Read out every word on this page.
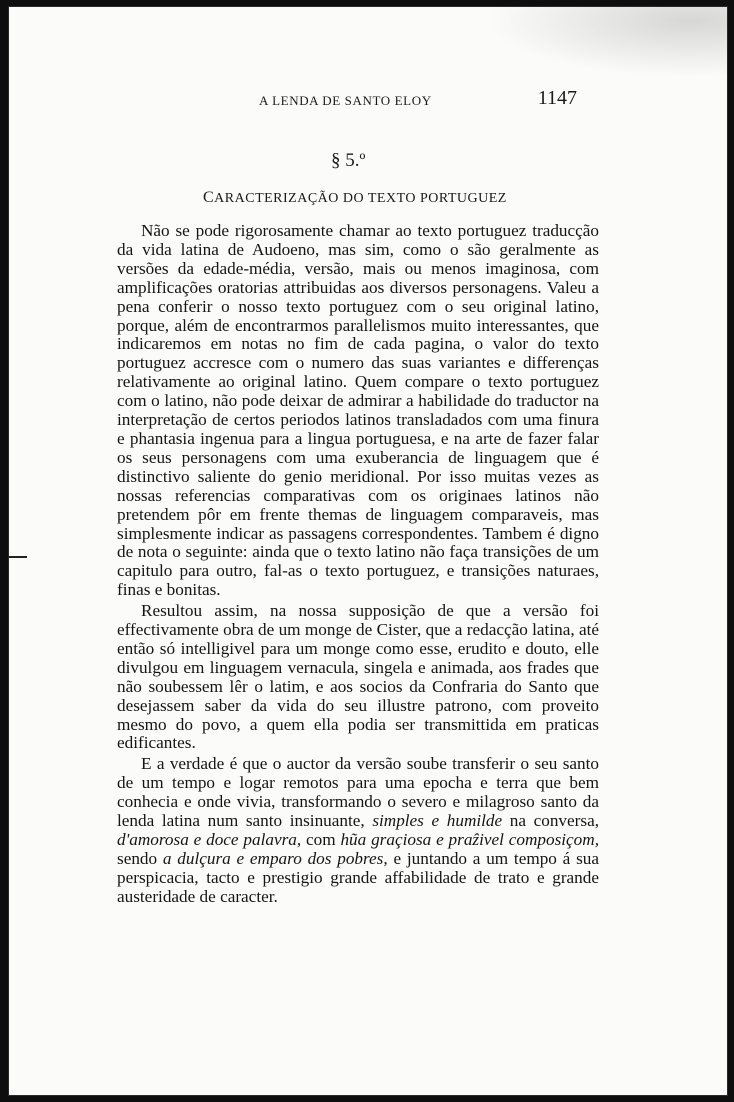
A LENDA DE SANTO ELOY	1147
§ 5.º
CARACTERIZAÇÃO DO TEXTO PORTUGUEZ

Não se pode rigorosamente chamar ao texto portuguez traducção da vida latina de Audoeno, mas sim, como o são geralmente as versões da edade-média, versão, mais ou menos imaginosa, com amplificações oratorias attribuidas aos diversos personagens. Valeu a pena conferir o nosso texto portuguez com o seu original latino, porque, além de encontrarmos parallelismos muito interessantes, que indicaremos em notas no fim de cada pagina, o valor do texto portuguez accresce com o numero das suas variantes e differenças relativamente ao original latino. Quem compare o texto portuguez com o latino, não pode deixar de admirar a habilidade do traductor na interpretação de certos periodos latinos transladados com uma finura e phantasia ingenua para a lingua portuguesa, e na arte de fazer falar os seus personagens com uma exuberancia de linguagem que é distinctivo saliente do genio meridional. Por isso muitas vezes as nossas referencias comparativas com os originaes latinos não pretendem pôr em frente themas de linguagem comparaveis, mas simplesmente indicar as passagens correspondentes. Tambem é digno de nota o seguinte: ainda que o texto latino não faça transições de um capitulo para outro, fal-as o texto portuguez, e transições naturaes, finas e bonitas.

Resultou assim, na nossa supposição de que a versão foi effectivamente obra de um monge de Cister, que a redacção latina, até então só intelligivel para um monge como esse, erudito e douto, elle divulgou em linguagem vernacula, singela e animada, aos frades que não soubessem lêr o latim, e aos socios da Confraria do Santo que desejassem saber da vida do seu illustre patrono, com proveito mesmo do povo, a quem ella podia ser transmittida em praticas edificantes.

E a verdade é que o auctor da versão soube transferir o seu santo de um tempo e logar remotos para uma epocha e terra que bem conhecia e onde vivia, transformando o severo e milagroso santo da lenda latina num santo insinuante, simples e humilde na conversa, d'amorosa e doce palavra, com hũa graçiosa e praẑivel composiçom, sendo a dulçura e emparo dos pobres, e juntando a um tempo á sua perspicacia, tacto e prestigio grande affabilidade de trato e grande austeridade de caracter.
